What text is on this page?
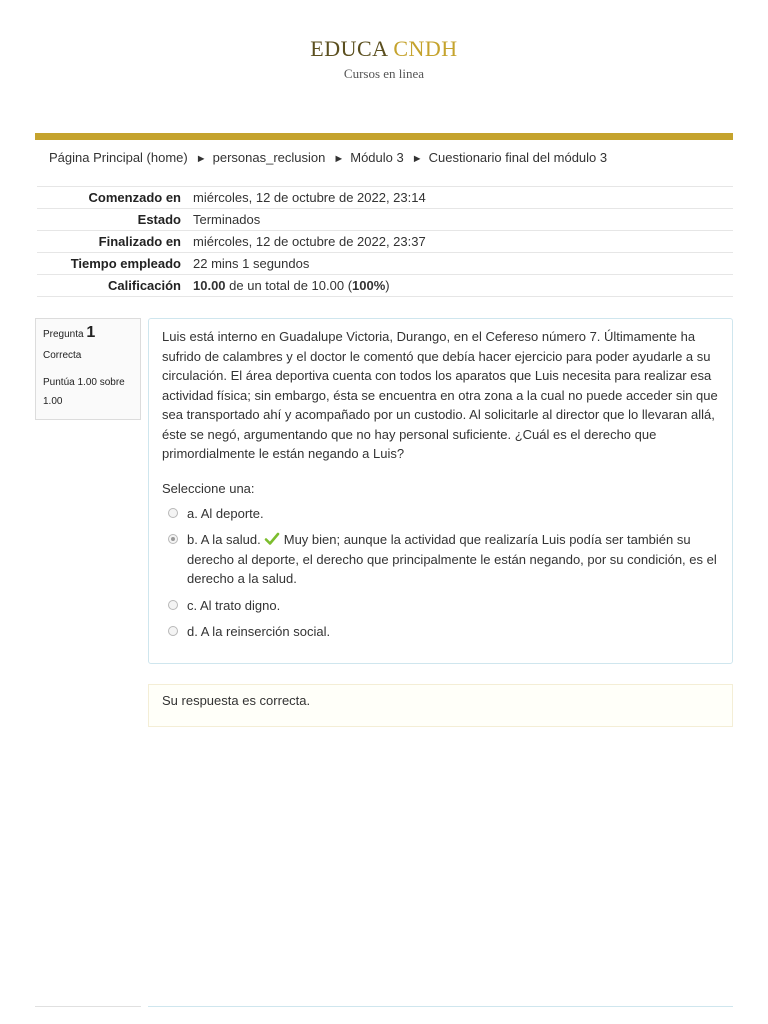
EDUCA CNDH
Cursos en linea
Página Principal (home) ► personas_reclusion ► Módulo 3 ► Cuestionario final del módulo 3
Comenzado en	miércoles, 12 de octubre de 2022, 23:14
Estado	Terminados
Finalizado en	miércoles, 12 de octubre de 2022, 23:37
Tiempo empleado	22 mins 1 segundos
Calificación	10.00 de un total de 10.00 (100%)
Pregunta 1
Correcta
Puntúa 1.00 sobre 1.00

Luis está interno en Guadalupe Victoria, Durango, en el Cefereso número 7. Últimamente ha sufrido de calambres y el doctor le comentó que debía hacer ejercicio para poder ayudarle a su circulación. El área deportiva cuenta con todos los aparatos que Luis necesita para realizar esa actividad física; sin embargo, ésta se encuentra en otra zona a la cual no puede acceder sin que sea transportado ahí y acompañado por un custodio. Al solicitarle al director que lo llevaran allá, éste se negó, argumentando que no hay personal suficiente. ¿Cuál es el derecho que primordialmente le están negando a Luis?

Seleccione una:
a. Al deporte.
b. A la salud. Muy bien; aunque la actividad que realizaría Luis podía ser también su derecho al deporte, el derecho que principalmente le están negando, por su condición, es el derecho a la salud.
c. Al trato digno.
d. A la reinserción social.
Su respuesta es correcta.
